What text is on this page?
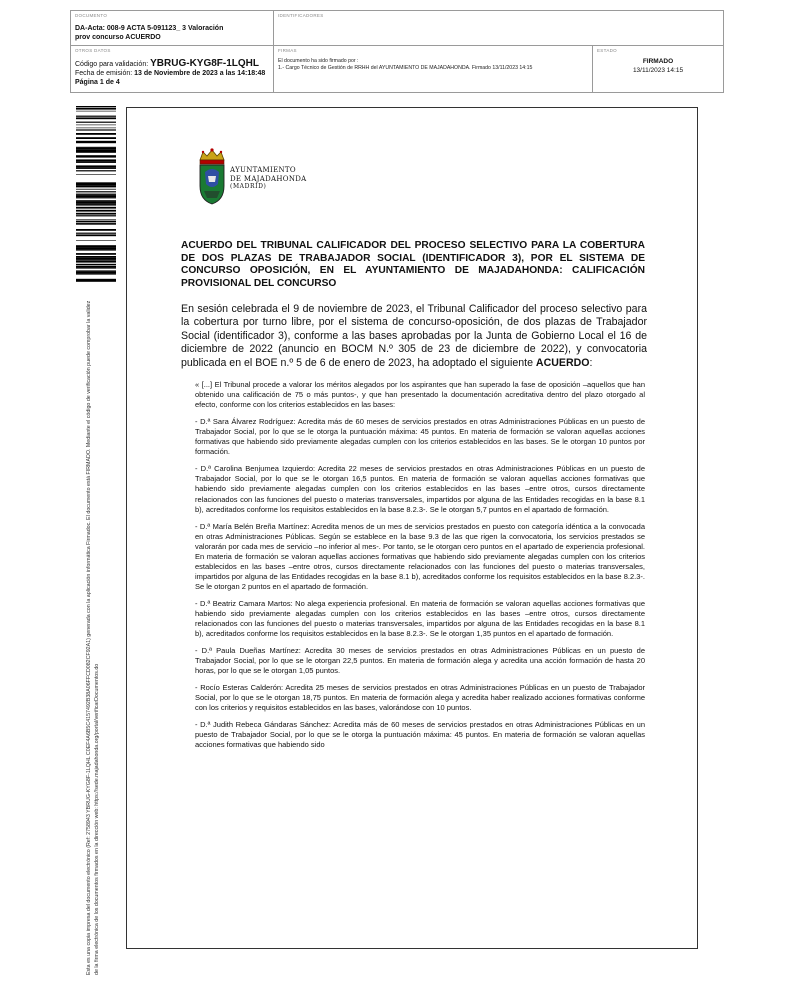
DOCUMENTO
DA-Acta: 008-9 ACTA 5-091123_ 3 Valoración
prov concurso ACUERDO
IDENTIFICADORES
OTROS DATOS
Código para validación: YBRUG-KYG8F-1LQHL
Fecha de emisión: 13 de Noviembre de 2023 a las 14:18:48
Página 1 de 4
FIRMAS
El documento ha sido firmado por :
1.- Cargo Técnico de Gestión de RRHH del AYUNTAMIENTO DE MAJADAHONDA. Firmado 13/11/2023 14:15
ESTADO
FIRMADO
13/11/2023 14:15
Esta es una copia impresa del documento electrónico (Ref: 2758943 YBRUG-KYG8F-1LQHL C0EF4A6B5C4157492B38A06FFCD082CF92A1) generada con la aplicación informática Firmadoc. El documento está FIRMADO. Mediante el código de verificación puede comprobar la validez de la firma electrónica de los documentos firmados en la dirección web: https://sede.majadahonda.org/portal/verificarDocumentos.do
AYUNTAMIENTO
DE MAJADAHONDA
(MADRID)
ACUERDO DEL TRIBUNAL CALIFICADOR DEL PROCESO SELECTIVO PARA LA COBERTURA DE DOS PLAZAS DE TRABAJADOR SOCIAL (IDENTIFICADOR 3), POR EL SISTEMA DE CONCURSO OPOSICIÓN, EN EL AYUNTAMIENTO DE MAJADAHONDA: CALIFICACIÓN PROVISIONAL DEL CONCURSO
En sesión celebrada el 9 de noviembre de 2023, el Tribunal Calificador del proceso selectivo para la cobertura por turno libre, por el sistema de concurso-oposición, de dos plazas de Trabajador Social (identificador 3), conforme a las bases aprobadas por la Junta de Gobierno Local el 16 de diciembre de 2022 (anuncio en BOCM N.º 305 de 23 de diciembre de 2022), y convocatoria publicada en el BOE n.º 5 de 6 de enero de 2023, ha adoptado el siguiente ACUERDO:

« [...] El Tribunal procede a valorar los méritos alegados por los aspirantes que han superado la fase de oposición –aquellos que han obtenido una calificación de 75 o más puntos-, y que han presentado la documentación acreditativa dentro del plazo otorgado al efecto, conforme con los criterios establecidos en las bases:

- D.ª Sara Álvarez Rodríguez: Acredita más de 60 meses de servicios prestados en otras Administraciones Públicas en un puesto de Trabajador Social, por lo que se le otorga la puntuación máxima: 45 puntos. En materia de formación se valoran aquellas acciones formativas que habiendo sido previamente alegadas cumplen con los criterios establecidos en las bases. Se le otorgan 10 puntos por formación.

- D.ª Carolina Benjumea Izquierdo: Acredita 22 meses de servicios prestados en otras Administraciones Públicas en un puesto de Trabajador Social, por lo que se le otorgan 16,5 puntos. En materia de formación se valoran aquellas acciones formativas que habiendo sido previamente alegadas cumplen con los criterios establecidos en las bases –entre otros, cursos directamente relacionados con las funciones del puesto o materias transversales, impartidos por alguna de las Entidades recogidas en la base 8.1 b), acreditados conforme los requisitos establecidos en la base 8.2.3-. Se le otorgan 5,7 puntos en el apartado de formación.

- D.ª María Belén Breña Martínez: Acredita menos de un mes de servicios prestados en puesto con categoría idéntica a la convocada en otras Administraciones Públicas. Según se establece en la base 9.3 de las que rigen la convocatoria, los servicios prestados se valorarán por cada mes de servicio –no inferior al mes-. Por tanto, se le otorgan cero puntos en el apartado de experiencia profesional. En materia de formación se valoran aquellas acciones formativas que habiendo sido previamente alegadas cumplen con los criterios establecidos en las bases –entre otros, cursos directamente relacionados con las funciones del puesto o materias transversales, impartidos por alguna de las Entidades recogidas en la base 8.1 b), acreditados conforme los requisitos establecidos en la base 8.2.3-. Se le otorgan 2 puntos en el apartado de formación.

- D.ª Beatriz Camara Martos: No alega experiencia profesional. En materia de formación se valoran aquellas acciones formativas que habiendo sido previamente alegadas cumplen con los criterios establecidos en las bases –entre otros, cursos directamente relacionados con las funciones del puesto o materias transversales, impartidos por alguna de las Entidades recogidas en la base 8.1 b), acreditados conforme los requisitos establecidos en la base 8.2.3-. Se le otorgan 1,35 puntos en el apartado de formación.

- D.ª Paula Dueñas Martínez: Acredita 30 meses de servicios prestados en otras Administraciones Públicas en un puesto de Trabajador Social, por lo que se le otorgan 22,5 puntos. En materia de formación alega y acredita una acción formación de hasta 20 horas, por lo que se le otorgan 1,05 puntos.

- Rocío Esteras Calderón: Acredita 25 meses de servicios prestados en otras Administraciones Públicas en un puesto de Trabajador Social, por lo que se le otorgan 18,75 puntos. En materia de formación alega y acredita haber realizado acciones formativas conforme con los criterios y requisitos establecidos en las bases, valorándose con 10 puntos.

- D.ª Judith Rebeca Gándaras Sánchez: Acredita más de 60 meses de servicios prestados en otras Administraciones Públicas en un puesto de Trabajador Social, por lo que se le otorga la puntuación máxima: 45 puntos. En materia de formación se valoran aquellas acciones formativas que habiendo sido
